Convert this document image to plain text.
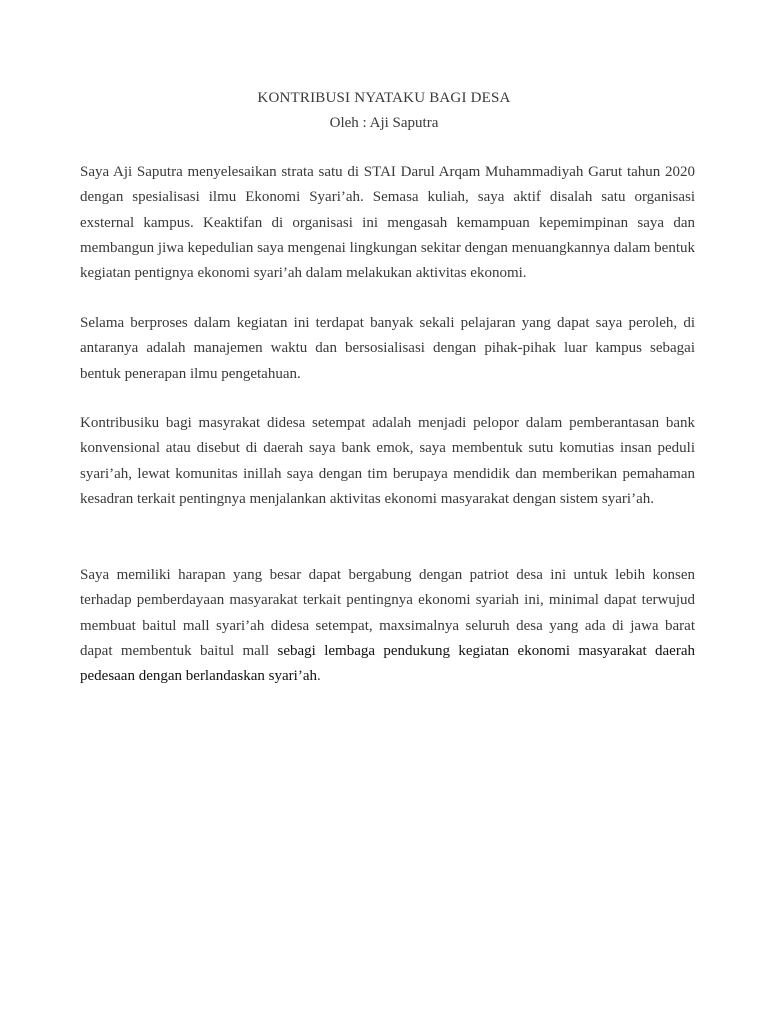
KONTRIBUSI NYATAKU BAGI DESA
Oleh : Aji Saputra

Saya Aji Saputra menyelesaikan strata satu di STAI Darul Arqam Muhammadiyah Garut tahun 2020 dengan spesialisasi ilmu Ekonomi Syari’ah. Semasa kuliah, saya aktif disalah satu organisasi exsternal kampus. Keaktifan di organisasi ini mengasah kemampuan kepemimpinan saya dan membangun jiwa kepedulian saya mengenai lingkungan sekitar dengan menuangkannya dalam bentuk kegiatan pentignya ekonomi syari’ah dalam melakukan aktivitas ekonomi.

Selama berproses dalam kegiatan ini terdapat banyak sekali pelajaran yang dapat saya peroleh, di antaranya adalah manajemen waktu dan bersosialisasi dengan pihak-pihak luar kampus sebagai bentuk penerapan ilmu pengetahuan.

Kontribusiku bagi masyrakat didesa setempat adalah menjadi pelopor dalam pemberantasan bank konvensional atau disebut di daerah saya bank emok, saya membentuk sutu komutias insan peduli syari’ah, lewat komunitas inillah saya dengan tim berupaya mendidik dan memberikan pemahaman kesadran terkait pentingnya menjalankan aktivitas ekonomi masyarakat dengan sistem syari’ah.

Saya memiliki harapan yang besar dapat bergabung dengan patriot desa ini untuk lebih konsen terhadap pemberdayaan masyarakat terkait pentingnya ekonomi syariah ini, minimal dapat terwujud membuat baitul mall syari’ah didesa setempat, maxsimalnya seluruh desa yang ada di jawa barat dapat membentuk baitul mall sebagi lembaga pendukung kegiatan ekonomi masyarakat daerah pedesaan dengan berlandaskan syari’ah.
